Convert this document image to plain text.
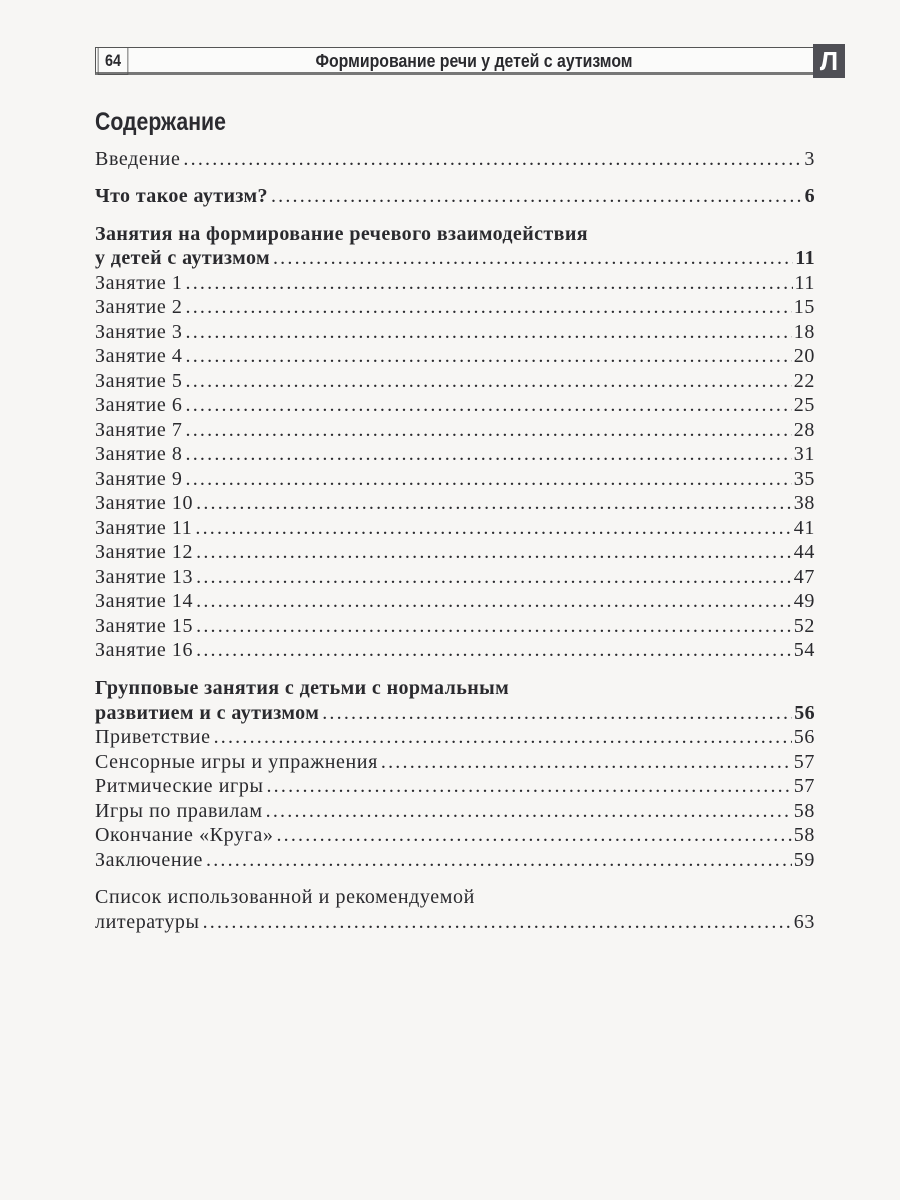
64	Формирование речи у детей с аутизмом	Л
Содержание
Введение .....	3
Что такое аутизм? .....	6
Занятия на формирование речевого взаимодействия
у детей с аутизмом .....	11
Занятие 1 .....	11
Занятие 2 .....	15
Занятие 3 .....	18
Занятие 4 .....	20
Занятие 5 .....	22
Занятие 6 .....	25
Занятие 7 .....	28
Занятие 8 .....	31
Занятие 9 .....	35
Занятие 10 .....	38
Занятие 11 .....	41
Занятие 12 .....	44
Занятие 13 .....	47
Занятие 14 .....	49
Занятие 15 .....	52
Занятие 16 .....	54
Групповые занятия с детьми с нормальным
развитием и с аутизмом .....	56
Приветствие .....	56
Сенсорные игры и упражнения .....	57
Ритмические игры .....	57
Игры по правилам .....	58
Окончание «Круга» .....	58
Заключение .....	59
Список использованной и рекомендуемой
литературы .....	63
